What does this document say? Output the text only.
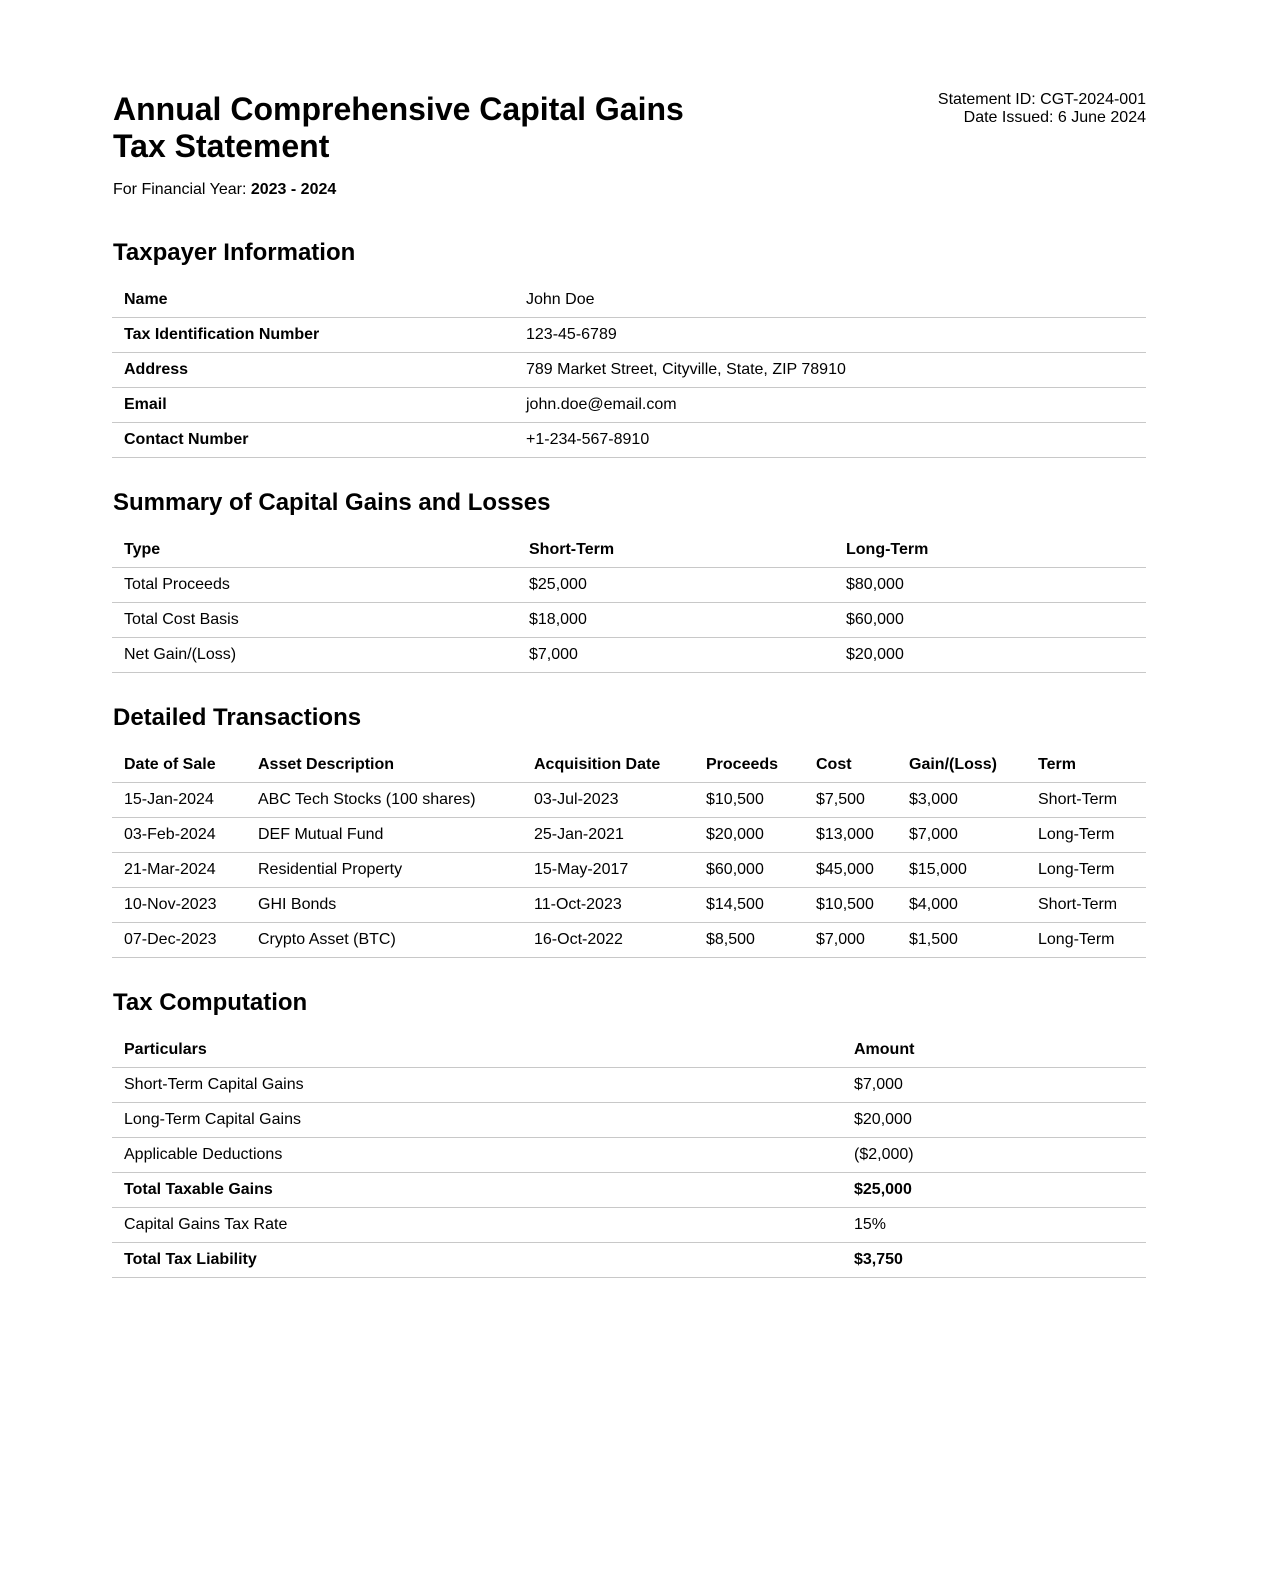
Annual Comprehensive Capital Gains Tax Statement
Statement ID: CGT-2024-001
Date Issued: 6 June 2024
For Financial Year: 2023 - 2024
Taxpayer Information
Name	John Doe
Tax Identification Number	123-45-6789
Address	789 Market Street, Cityville, State, ZIP 78910
Email	john.doe@email.com
Contact Number	+1-234-567-8910
Summary of Capital Gains and Losses
Type	Short-Term	Long-Term
Total Proceeds	$25,000	$80,000
Total Cost Basis	$18,000	$60,000
Net Gain/(Loss)	$7,000	$20,000
Detailed Transactions
Date of Sale	Asset Description	Acquisition Date	Proceeds	Cost	Gain/(Loss)	Term
15-Jan-2024	ABC Tech Stocks (100 shares)	03-Jul-2023	$10,500	$7,500	$3,000	Short-Term
03-Feb-2024	DEF Mutual Fund	25-Jan-2021	$20,000	$13,000	$7,000	Long-Term
21-Mar-2024	Residential Property	15-May-2017	$60,000	$45,000	$15,000	Long-Term
10-Nov-2023	GHI Bonds	11-Oct-2023	$14,500	$10,500	$4,000	Short-Term
07-Dec-2023	Crypto Asset (BTC)	16-Oct-2022	$8,500	$7,000	$1,500	Long-Term
Tax Computation
Particulars	Amount
Short-Term Capital Gains	$7,000
Long-Term Capital Gains	$20,000
Applicable Deductions	($2,000)
Total Taxable Gains	$25,000
Capital Gains Tax Rate	15%
Total Tax Liability	$3,750
